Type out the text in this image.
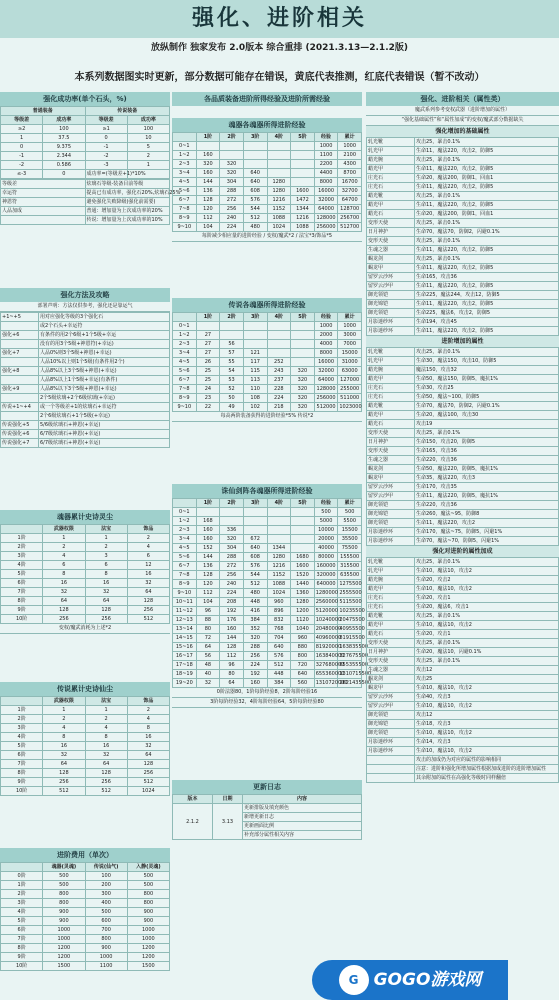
强化、进阶相关
放纵制作 独家发布 2.0版本 综合重排 (2021.3.13—2.1.2版)
本系列数据图实时更新，部分数据可能存在错误，黄底代表推测，红底代表错误（暂不改动）
强化成功率(单个石头，%)
普通装备		传说装备	
等级差	成功率	等级差	成功率
≥2	100	≥1	100
1	37.5	0	10
0	9.375	-1	5
-1	2.344	-2	2
-2	0.586	-3	1
≤-3	0	成功率=(等级差+1)*10%	
等级差	炫璃石等级-装备目前等级
幸运符	提高已有成功率，强化石20%,炫璃石25%
神恩符	避免强化失败降级(强化前需要)
人品加成	普通：增加量为上次成功率的20%
	传说：增加量为上次成功率的10%
强化方法及攻略
部署声明：方法仅供参考，强化还是靠运气
+1~+5	用对应强化等级的3个强化石
	或2个石头+幸运符
强化+6	有条件的用2个6级+1个5级+幸运
	没有的用3个5级+神恩符(+幸运)
强化+7	人品0%则3个5级+神恩(+幸运)
	人品10%以上则1个5级(有条件用2个)
强化+8	人品8%以上3个5级+神恩(+幸运)
	人品8%以上1个5级+幸运(有条件)
强化+9	人品8%以下3个5级+神恩(+幸运)
	2个5级炫璃+2个6级炫璃(+幸运)
传说+1~+4	或一个等级差+1的炫璃石+幸运符
	2个6级炫璃石+1个5级(+幸运)
传说强化+5	5/6级炫璃石+神恩(+幸运)
传说强化+6	6/7级炫璃石+神恩(+幸运)
传说强化+7	6/7级炫璃石+神恩(+幸运)
魂器累计史诗灵尘
	武器权限	法宝	饰品
1阶	1	1	2
2阶	2	2	4
3阶	4	3	6
4阶	6	6	12
5阶	8	8	16
6阶	16	16	32
7阶	32	32	64
8阶	64	64	128
9阶	128	128	256
10阶	256	256	512
变权/魔武消耗为上述*2
传说累计史诗仙尘
	武器权限	法宝	饰品
1阶	1	1	2
2阶	2	2	4
3阶	4	4	8
4阶	8	8	16
5阶	16	16	32
6阶	32	32	64
7阶	64	64	128
8阶	128	128	256
9阶	256	256	512
10阶	512	512	1024
进阶费用（单次）
	魂器(灵魂)	传说(仙气)	入静(灵魂)
0阶	500	100	500
1阶	500	200	500
2阶	800	300	800
3阶	800	400	800
4阶	900	500	900
5阶	900	600	900
6阶	1000	700	1000
7阶	1000	800	1000
8阶	1200	900	1200
9阶	1200	1000	1200
10阶	1500	1100	1500
各品质装备进阶所得经验及进阶所需经验
魂器各魂器所得进阶经验
	1阶	2阶	3阶	4阶	5阶	经验	累计
0~1						1000	1000
1~2	160					1100	2100
2~3	320	320				2200	4300
3~4	160	320	640			4400	8700
4~5	144	304	640	1280		8000	16700
5~6	136	288	608	1280	1600	16000	32700
6~7	128	272	576	1216	1472	32000	64700
7~8	120	256	544	1152	1344	64000	128700
8~9	112	240	512	1088	1216	128000	256700
9~10	104	224	480	1024	1088	256000	512700
每阶减少相应量的进阶经验 / 变权/魔武*2 / 法宝*3/饰品*5
传说各魂器所得进阶经验
	1阶	2阶	3阶	4阶	5阶	经验	累计
0~1						1000	1000
1~2	27					2000	3000
2~3	27	56				4000	7000
3~4	27	57	121			8000	15000
4~5	26	55	117	252		16000	31000
5~6	25	54	115	243	320	32000	63000
6~7	25	53	113	237	320	64000	127000
7~8	24	52	110	228	320	128000	255000
8~9	23	50	108	224	320	256000	511000
9~10	22	49	102	218	320	512000	1023000
每高两阶装备获得的进阶经验*5% 传说*2
诛仙剑阵各魂器所得进阶经验
	1阶	2阶	3阶	4阶	5阶	经验	累计
0~1						500	500
1~2	168					5000	5500
2~3	160	336				10000	15500
3~4	160	320	672			20000	35500
4~5	152	304	640	1344		40000	75500
5~6	144	288	608	1280	1680	80000	155500
6~7	136	272	576	1216	1600	160000	315500
7~8	128	256	544	1152	1520	320000	635500
8~9	120	240	512	1088	1440	640000	1275500
9~10	112	224	480	1024	1360	1280000	2555500
10~11	104	208	448	960	1280	2560000	5115500
11~12	96	192	416	896	1200	5120000	10235500
12~13	88	176	384	832	1120	10240000	20475500
13~14	80	160	352	768	1040	20480000	40955500
14~15	72	144	320	704	960	40960000	81915500
15~16	64	128	288	640	880	81920000	163835500
16~17	56	112	256	576	800	163840000	327675500
17~18	48	96	224	512	720	327680000	655355500
18~19	40	80	192	448	640	655360000	1310715500
19~20	32	64	160	384	560	1310720000	2621435500
0阶法器80，1阶每阶经验8，2阶每阶经验16
3阶每阶经验32，4阶每阶经验64，5阶每阶经验80
更新日志
版本	日期	内容
2.1.2	3.13	更新排版及填充颜色
		新增更新日志
		更新画面比例
		补充部分属性相关内容
强化、进阶相关（属性类）
魔武系列参考变权武器（进阶增加的属性）
“强化基础属性”和“属性加成”的变权/魔武部分数据缺失
强化增加的基础属性
轧光靴	攻击25，暴击0.1%
轧光甲	生命11，魔法220，攻击2，防御5
蜡光腕	攻击25，暴击0.1%
蜡光甲	生命11，魔法220，攻击2，防御5
庄光石	生命20，魔法200，防御1，回血1
庄光石	生命11，魔法220，攻击2，防御5
蜡光靴	攻击25，暴击0.1%
蜡光甲	生命11，魔法220，攻击2，防御5
蜡光石	生命20，魔法200，防御1，回血1
变形天使	攻击25，暴击0.1%
日月神护	生命70，魔法70，防御2，闪避0.1%
变形天使	攻击25，暴击0.1%
生魂之器	生命11，魔法220，攻击2，防御5
蝎龙剑	攻击25，暴击0.1%
蝎龙甲	生命11，魔法220，攻击2，防御5
留罗云沙环	生命165，攻击36
留罗云沙甲	生命11，魔法220，攻击2，防御5
御光领铠	生命225，魔法244，攻击12，防御5
御光锦铠	生命11，魔法220，攻击2，防御5
御光领铠	生命225，魔法6，攻击2，防御5
月影迷纱环	生命194，攻击45
月影迷纱环	生命11，魔法220，攻击2，防御5
进阶增加的属性
轧光靴	攻击25，暴击0.1%
轧光甲	生命30，魔法150，攻击10，防御5
蜡光腕	魔法150，攻击32
蜡光甲	生命50，魔法150，防御5，魔抗1%
庄光石	生命30，攻击25
庄光石	生命50，魔法~100，防御5
蜡光靴	生命70，魔法70，防御2，闪避0.1%
蜡光甲	生命20，魔法100，攻击30
蜡光石	攻击19
变形天使	攻击25，暴击0.1%
日月神护	生命150，攻击20，防御5
变形天使	生命165，攻击36
生魂之器	生命220，攻击36
蝎龙剑	生命50，魔法220，防御5，魔抗1%
蝎龙甲	生命35，魔法220，攻击3
留罗云沙环	生命170，攻击35
留罗云沙甲	生命11，魔法220，防御5，魔抗1%
御光领铠	生命220，攻击36
御光锦铠	生命260，魔法~95，防御8
御光领铠	生命11，魔法220，攻击2
月影迷纱环	生命170，魔法~75，防御5，闪避1%
月影迷纱环	生命70，魔法~70，防御5，闪避1%
强化对进阶的属性加成
轧光靴	攻击25，暴击0.1%
轧光甲	生命10，魔法10，攻击2
蜡光腕	生命20，攻击2
蜡光甲	生命10，魔法10，攻击2
庄光石	生命20，攻击1
庄光石	生命20，魔法6，攻击1
蜡光靴	攻击25，暴击0.1%
蜡光甲	生命10，魔法10，攻击2
蜡光石	生命20，攻击1
变形天使	攻击25，暴击0.1%
日月神护	生命20，魔法10，闪避0.1%
变形天使	攻击25，暴击0.1%
生魂之器	攻击12
蝎龙剑	攻击25
蝎龙甲	生命10，魔法10，攻击2
留罗云沙环	生命40，攻击3
留罗云沙甲	生命10，魔法10，攻击2
御光领铠	攻击12
御光锦铠	生命18，攻击3
御光领铠	生命10，魔法10，攻击2
月影迷纱环	生命14，攻击3
月影迷纱环	生命10，魔法10，攻击2
	攻击的加成仍为对应的属性的影响相同
	注意：进阶和强化所增加属性根据加成进阶的进阶增加属性
	其余附加的属性在高强化等级时同样翻倍
G GOGO游戏网
